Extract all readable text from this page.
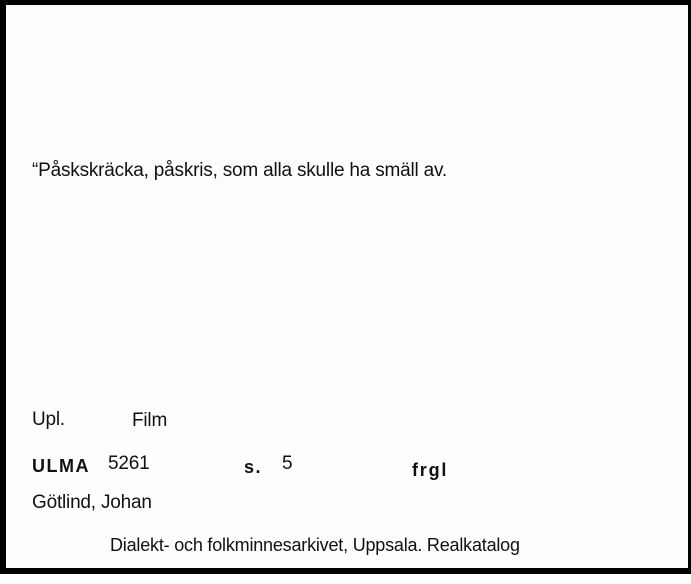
“Påskskräcka, påskris, som alla skulle ha smäll av.
Upl.	Film
ULMA 5261	s. 5	frgl
Götlind, Johan
Dialekt- och folkminnesarkivet, Uppsala. Realkatalog
